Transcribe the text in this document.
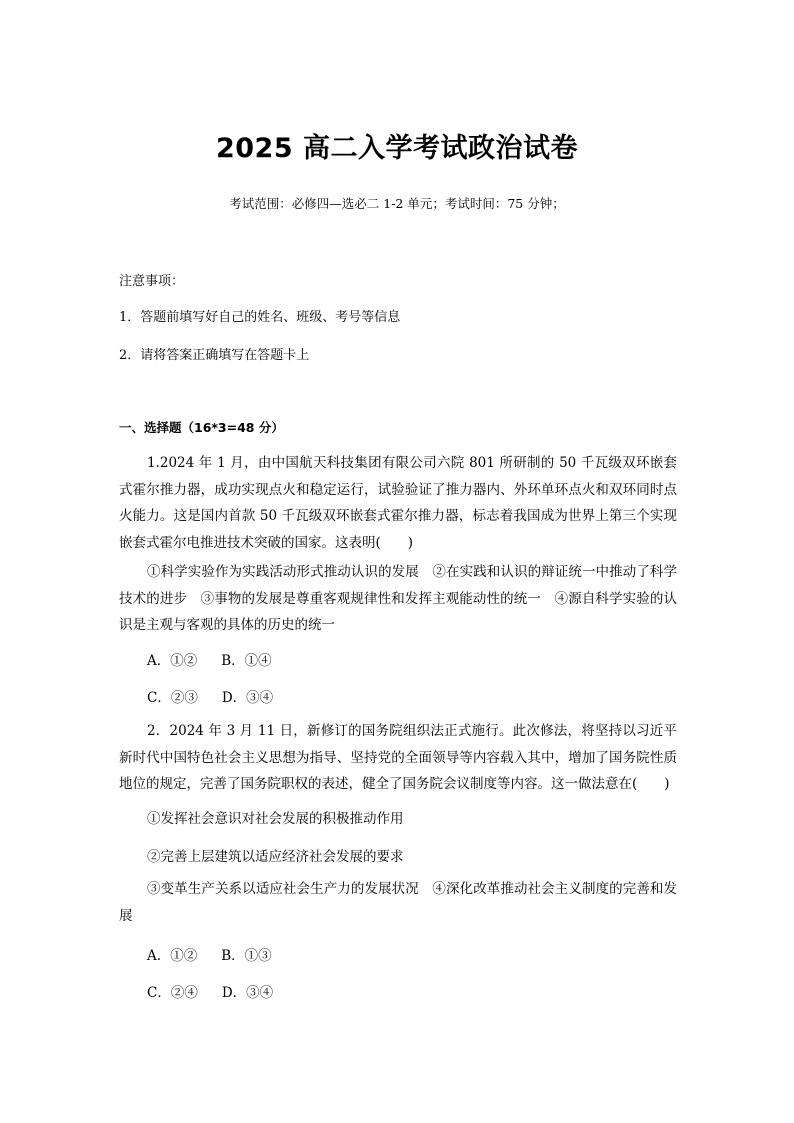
2025 高二入学考试政治试卷
考试范围：必修四—选必二 1-2 单元；考试时间：75 分钟；
注意事项：
1．答题前填写好自己的姓名、班级、考号等信息
2．请将答案正确填写在答题卡上
一、选择题（16*3=48 分）
1.2024 年 1 月，由中国航天科技集团有限公司六院 801 所研制的 50 千瓦级双环嵌套式霍尔推力器，成功实现点火和稳定运行，试验验证了推力器内、外环单环点火和双环同时点火能力。这是国内首款 50 千瓦级双环嵌套式霍尔推力器，标志着我国成为世界上第三个实现嵌套式霍尔电推进技术突破的国家。这表明(　　)
①科学实验作为实践活动形式推动认识的发展　②在实践和认识的辩证统一中推动了科学技术的进步　③事物的发展是尊重客观规律性和发挥主观能动性的统一　④源自科学实验的认识是主观与客观的具体的历史的统一
A．①② B．①④
C．②③ D．③④
2．2024 年 3 月 11 日，新修订的国务院组织法正式施行。此次修法，将坚持以习近平新时代中国特色社会主义思想为指导、坚持党的全面领导等内容载入其中，增加了国务院性质地位的规定，完善了国务院职权的表述，健全了国务院会议制度等内容。这一做法意在(　　)
①发挥社会意识对社会发展的积极推动作用
②完善上层建筑以适应经济社会发展的要求
③变革生产关系以适应社会生产力的发展状况　④深化改革推动社会主义制度的完善和发展
A．①② B．①③
C．②④ D．③④
